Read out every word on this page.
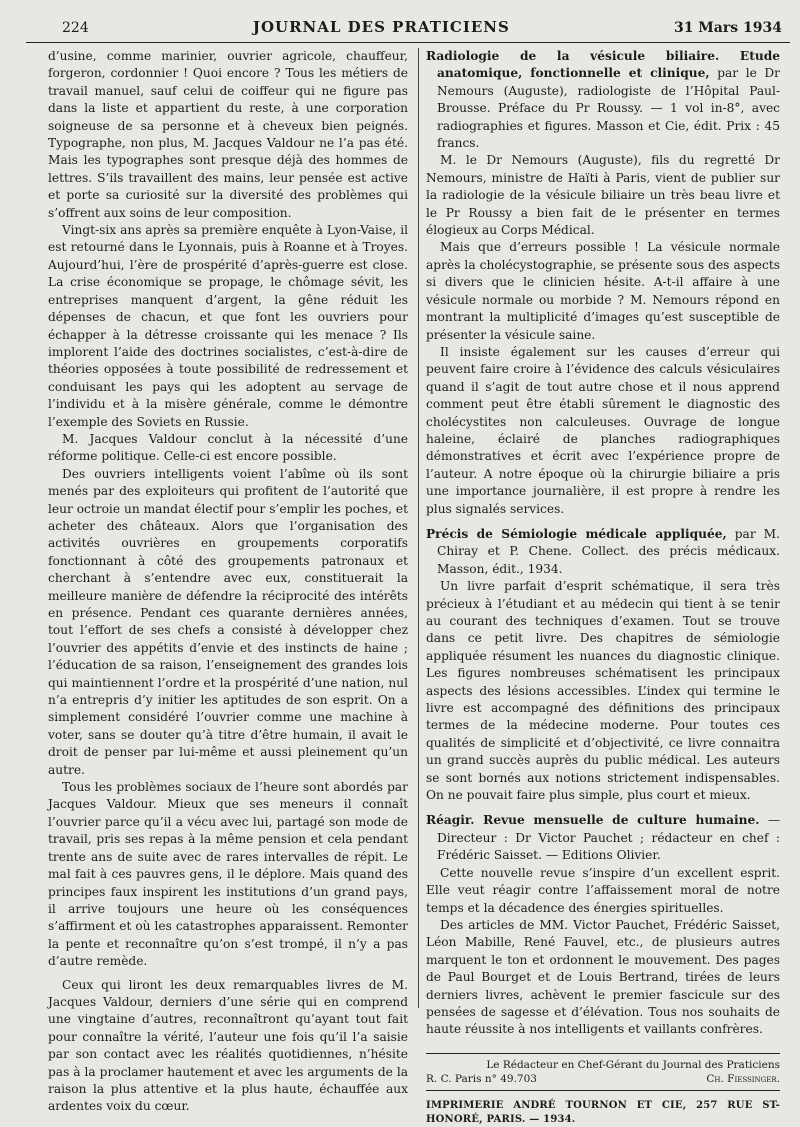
224	JOURNAL DES PRATICIENS	31 Mars 1934

d’usine, comme marinier, ouvrier agricole, chauffeur, forgeron, cordonnier ! Quoi encore ? Tous les métiers de travail manuel, sauf celui de coiffeur qui ne figure pas dans la liste et appartient du reste, à une corporation soigneuse de sa personne et à cheveux bien peignés. Typographe, non plus, M. Jacques Valdour ne l’a pas été. Mais les typographes sont presque déjà des hommes de lettres. S’ils travaillent des mains, leur pensée est active et porte sa curiosité sur la diversité des problèmes qui s’offrent aux soins de leur composition.

Vingt-six ans après sa première enquête à Lyon-Vaise, il est retourné dans le Lyonnais, puis à Roanne et à Troyes. Aujourd’hui, l’ère de prospérité d’après-guerre est close. La crise économique se propage, le chômage sévit, les entreprises manquent d’argent, la gêne réduit les dépenses de chacun, et que font les ouvriers pour échapper à la détresse croissante qui les menace ? Ils implorent l’aide des doctrines socialistes, c’est-à-dire de théories opposées à toute possibilité de redressement et conduisant les pays qui les adoptent au servage de l’individu et à la misère générale, comme le démontre l’exemple des Soviets en Russie.

M. Jacques Valdour conclut à la nécessité d’une réforme politique. Celle-ci est encore possible.

Des ouvriers intelligents voient l’abîme où ils sont menés par des exploiteurs qui profitent de l’autorité que leur octroie un mandat électif pour s’emplir les poches, et acheter des châteaux. Alors que l’organisation des activités ouvrières en groupements corporatifs fonctionnant à côté des groupements patronaux et cherchant à s’entendre avec eux, constituerait la meilleure manière de défendre la réciprocité des intérêts en présence. Pendant ces quarante dernières années, tout l’effort de ses chefs a consisté à développer chez l’ouvrier des appétits d’envie et des instincts de haine ; l’éducation de sa raison, l’enseignement des grandes lois qui maintiennent l’ordre et la prospérité d’une nation, nul n’a entrepris d’y initier les aptitudes de son esprit. On a simplement considéré l’ouvrier comme une machine à voter, sans se douter qu’à titre d’être humain, il avait le droit de penser par lui-même et aussi pleinement qu’un autre.

Tous les problèmes sociaux de l’heure sont abordés par Jacques Valdour. Mieux que ses meneurs il connaît l’ouvrier parce qu’il a vécu avec lui, partagé son mode de travail, pris ses repas à la même pension et cela pendant trente ans de suite avec de rares intervalles de répit. Le mal fait à ces pauvres gens, il le déplore. Mais quand des principes faux inspirent les institutions d’un grand pays, il arrive toujours une heure où les conséquences s’affirment et où les catastrophes apparaissent. Remonter la pente et reconnaître qu’on s’est trompé, il n’y a pas d’autre remède.

Ceux qui liront les deux remarquables livres de M. Jacques Valdour, derniers d’une série qui en comprend une vingtaine d’autres, reconnaîtront qu’ayant tout fait pour connaître la vérité, l’auteur une fois qu’il l’a saisie par son contact avec les réalités quotidiennes, n’hésite pas à la proclamer hautement et avec les arguments de la raison la plus attentive et la plus haute, échauffée aux ardentes voix du cœur.

Radiologie de la vésicule biliaire. Etude anatomique, fonctionnelle et clinique, par le Dr Nemours (Auguste), radiologiste de l’Hôpital Paul-Brousse. Préface du Pr Roussy. — 1 vol in-8°, avec radiographies et figures. Masson et Cie, édit. Prix : 45 francs.

M. le Dr Nemours (Auguste), fils du regretté Dr Nemours, ministre de Haïti à Paris, vient de publier sur la radiologie de la vésicule biliaire un très beau livre et le Pr Roussy a bien fait de le présenter en termes élogieux au Corps Médical.

Mais que d’erreurs possible ! La vésicule normale après la cholécystographie, se présente sous des aspects si divers que le clinicien hésite. A-t-il affaire à une vésicule normale ou morbide ? M. Nemours répond en montrant la multiplicité d’images qu’est susceptible de présenter la vésicule saine.

Il insiste également sur les causes d’erreur qui peuvent faire croire à l’évidence des calculs vésiculaires quand il s’agit de tout autre chose et il nous apprend comment peut être établi sûrement le diagnostic des cholécystites non calculeuses. Ouvrage de longue haleine, éclairé de planches radiographiques démonstratives et écrit avec l’expérience propre de l’auteur. A notre époque où la chirurgie biliaire a pris une importance journalière, il est propre à rendre les plus signalés services.

Précis de Sémiologie médicale appliquée, par M. Chiray et P. Chene. Collect. des précis médicaux. Masson, édit., 1934.

Un livre parfait d’esprit schématique, il sera très précieux à l’étudiant et au médecin qui tient à se tenir au courant des techniques d’examen. Tout se trouve dans ce petit livre. Des chapitres de sémiologie appliquée résument les nuances du diagnostic clinique. Les figures nombreuses schématisent les principaux aspects des lésions accessibles. L’index qui termine le livre est accompagné des définitions des principaux termes de la médecine moderne. Pour toutes ces qualités de simplicité et d’objectivité, ce livre connaitra un grand succès auprès du public médical. Les auteurs se sont bornés aux notions strictement indispensables. On ne pouvait faire plus simple, plus court et mieux.

Réagir. Revue mensuelle de culture humaine. — Directeur : Dr Victor Pauchet ; rédacteur en chef : Frédéric Saisset. — Editions Olivier.

Cette nouvelle revue s’inspire d’un excellent esprit. Elle veut réagir contre l’affaissement moral de notre temps et la décadence des énergies spirituelles.

Des articles de MM. Victor Pauchet, Frédéric Saisset, Léon Mabille, René Fauvel, etc., de plusieurs autres marquent le ton et ordonnent le mouvement. Des pages de Paul Bourget et de Louis Bertrand, tirées de leurs derniers livres, achèvent le premier fascicule sur des pensées de sagesse et d’élévation. Tous nos souhaits de haute réussite à nos intelligents et vaillants confrères.

Le Rédacteur en Chef-Gérant du Journal des Praticiens
R. C. Paris n° 49.703	Ch. Fiessinger.
IMPRIMERIE ANDRÉ TOURNON ET CIE, 257 RUE ST-HONORÉ, PARIS. — 1934.
